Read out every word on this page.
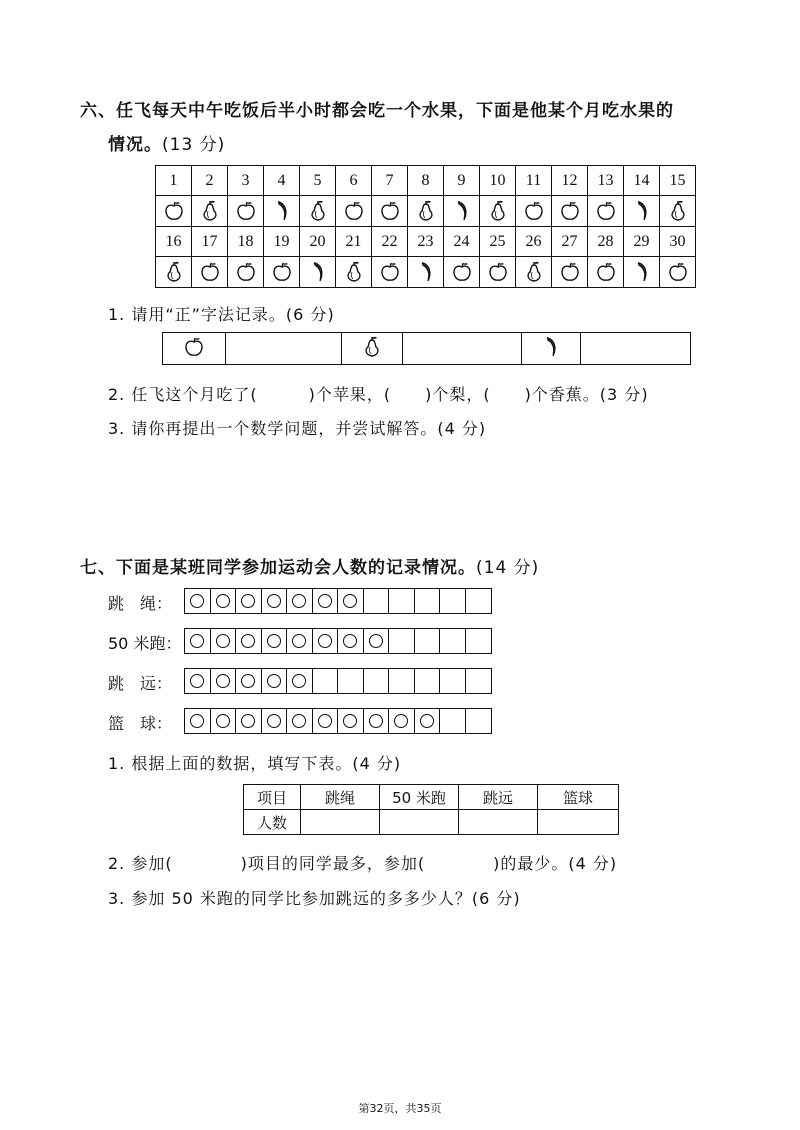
六、任飞每天中午吃饭后半小时都会吃一个水果，下面是他某个月吃水果的
情况。(13 分)
1	2	3	4	5	6	7	8	9	10	11	12	13	14	15

16	17	18	19	20	21	22	23	24	25	26	27	28	29	30

1. 请用“正”字法记录。(6 分)
2. 任飞这个月吃了(　　　)个苹果，(　　)个梨，(　　)个香蕉。(3 分)
3. 请你再提出一个数学问题，并尝试解答。(4 分)
七、下面是某班同学参加运动会人数的记录情况。(14 分)
跳　绳：
50 米跑：
跳　远：
篮　球：
1. 根据上面的数据，填写下表。(4 分)
项目	跳绳	50 米跑	跳远	篮球
人数				
2. 参加(　　　　)项目的同学最多，参加(　　　　)的最少。(4 分)
3. 参加 50 米跑的同学比参加跳远的多多少人？(6 分)
第32页，共35页
